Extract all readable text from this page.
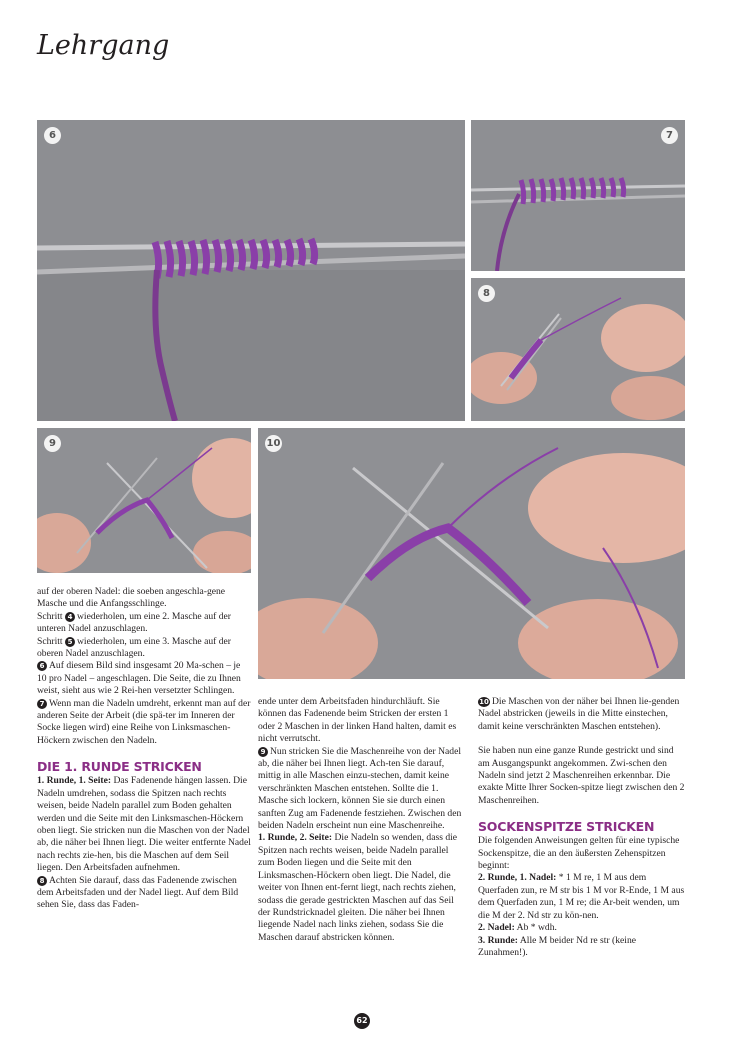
Lehrgang
6	7
8
9	10

auf der oberen Nadel: die soeben angeschla-gene Masche und die Anfangsschlinge.

Schritt 4 wiederholen, um eine 2. Masche auf der unteren Nadel anzuschlagen.

Schritt 5 wiederholen, um eine 3. Masche auf der oberen Nadel anzuschlagen.

6 Auf diesem Bild sind insgesamt 20 Ma-schen – je 10 pro Nadel – angeschlagen. Die Seite, die zu Ihnen weist, sieht aus wie 2 Rei-hen versetzter Schlingen.

7 Wenn man die Nadeln umdreht, erkennt man auf der anderen Seite der Arbeit (die spä-ter im Inneren der Socke liegen wird) eine Reihe von Linksmaschen-Höckern zwischen den Nadeln.

DIE 1. RUNDE STRICKEN

1. Runde, 1. Seite: Das Fadenende hängen lassen. Die Nadeln umdrehen, sodass die Spitzen nach rechts weisen, beide Nadeln parallel zum Boden gehalten werden und die Seite mit den Linksmaschen-Höckern oben liegt. Sie stricken nun die Maschen von der Nadel ab, die näher bei Ihnen liegt. Die weiter entfernte Nadel nach rechts zie-hen, bis die Maschen auf dem Seil liegen. Den Arbeitsfaden aufnehmen.

8 Achten Sie darauf, dass das Fadenende zwischen dem Arbeitsfaden und der Nadel liegt. Auf dem Bild sehen Sie, dass das Faden-

ende unter dem Arbeitsfaden hindurchläuft. Sie können das Fadenende beim Stricken der ersten 1 oder 2 Maschen in der linken Hand halten, damit es nicht verrutscht.

9 Nun stricken Sie die Maschenreihe von der Nadel ab, die näher bei Ihnen liegt. Ach-ten Sie darauf, mittig in alle Maschen einzu-stechen, damit keine verschränkten Maschen entstehen. Sollte die 1. Masche sich lockern, können Sie sie durch einen sanften Zug am Fadenende festziehen. Zwischen den beiden Nadeln erscheint nun eine Maschenreihe.

1. Runde, 2. Seite: Die Nadeln so wenden, dass die Spitzen nach rechts weisen, beide Nadeln parallel zum Boden liegen und die Seite mit den Linksmaschen-Höckern oben liegt. Die Nadel, die weiter von Ihnen ent-fernt liegt, nach rechts ziehen, sodass die gerade gestrickten Maschen auf das Seil der Rundstricknadel gleiten. Die näher bei Ihnen liegende Nadel nach links ziehen, sodass Sie die Maschen darauf abstricken können.

10 Die Maschen von der näher bei Ihnen lie-genden Nadel abstricken (jeweils in die Mitte einstechen, damit keine verschränkten Maschen entstehen).

Sie haben nun eine ganze Runde gestrickt und sind am Ausgangspunkt angekommen. Zwi-schen den Nadeln sind jetzt 2 Maschenreihen erkennbar. Die exakte Mitte Ihrer Socken-spitze liegt zwischen den 2 Maschenreihen.

SOCKENSPITZE STRICKEN

Die folgenden Anweisungen gelten für eine typische Sockenspitze, die an den äußersten Zehenspitzen beginnt:

2. Runde, 1. Nadel: * 1 M re, 1 M aus dem Querfaden zun, re M str bis 1 M vor R-Ende, 1 M aus dem Querfaden zun, 1 M re; die Ar-beit wenden, um die M der 2. Nd str zu kön-nen.

2. Nadel: Ab * wdh.

3. Runde: Alle M beider Nd re str (keine Zunahmen!).

62
